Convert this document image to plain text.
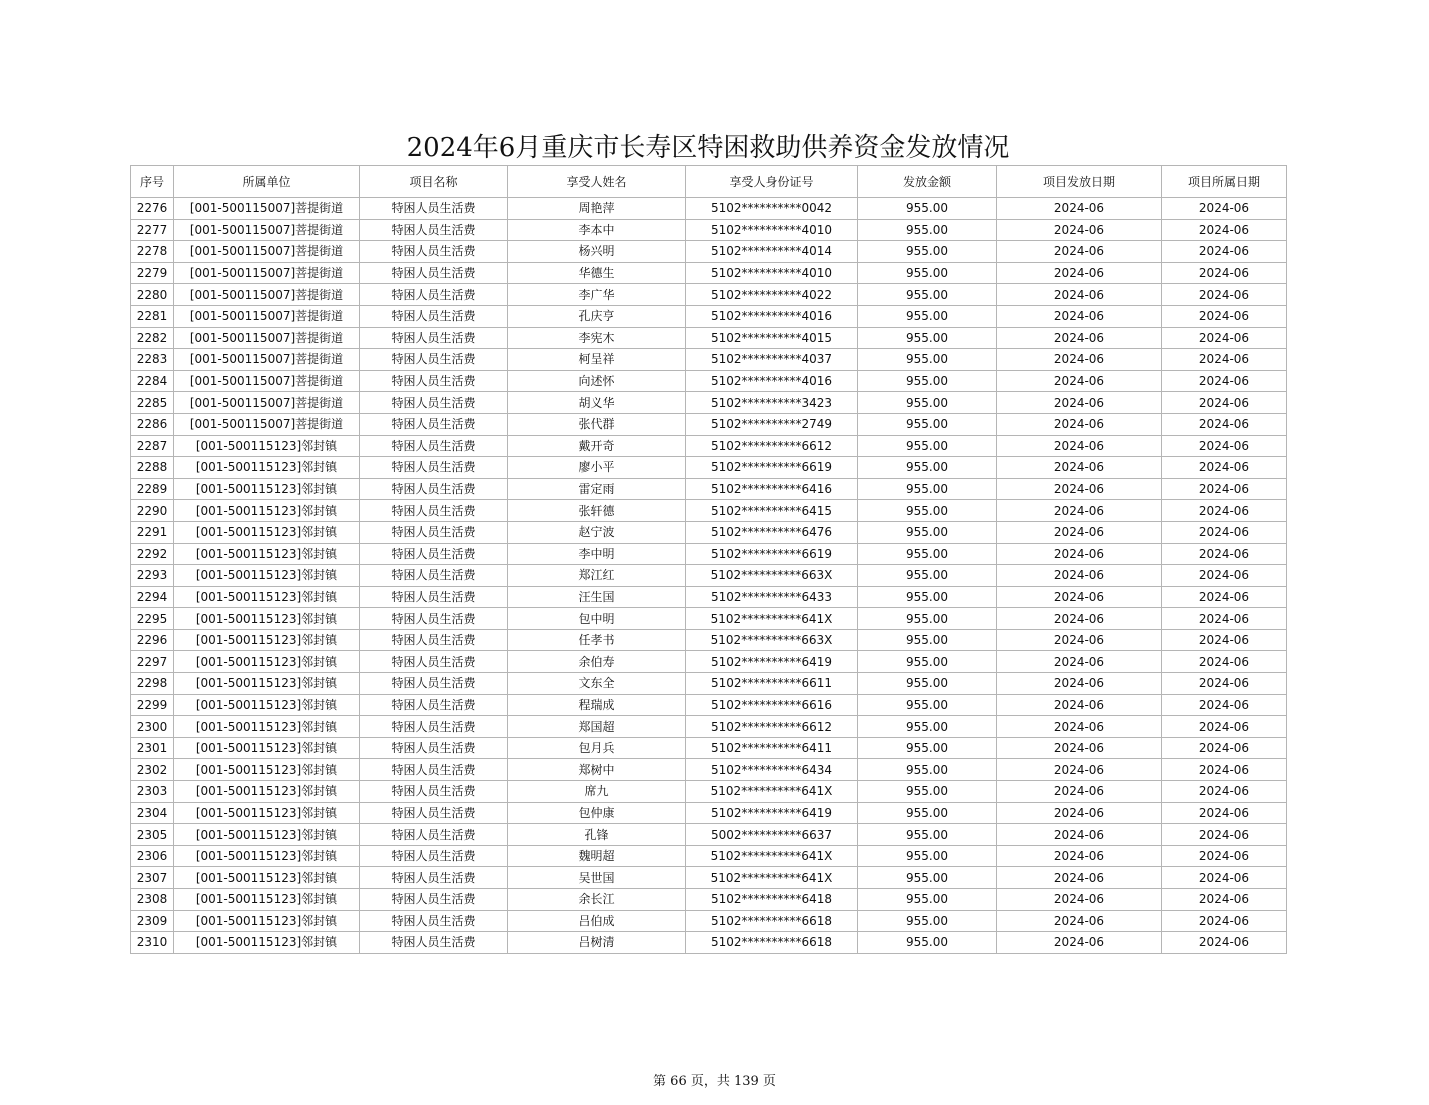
2024年6月重庆市长寿区特困救助供养资金发放情况
序号	所属单位	项目名称	享受人姓名	享受人身份证号	发放金额	项目发放日期	项目所属日期
2276	[001-500115007]菩提街道	特困人员生活费	周艳萍	5102**********0042	955.00	2024-06	2024-06
2277	[001-500115007]菩提街道	特困人员生活费	李本中	5102**********4010	955.00	2024-06	2024-06
2278	[001-500115007]菩提街道	特困人员生活费	杨兴明	5102**********4014	955.00	2024-06	2024-06
2279	[001-500115007]菩提街道	特困人员生活费	华德生	5102**********4010	955.00	2024-06	2024-06
2280	[001-500115007]菩提街道	特困人员生活费	李广华	5102**********4022	955.00	2024-06	2024-06
2281	[001-500115007]菩提街道	特困人员生活费	孔庆亨	5102**********4016	955.00	2024-06	2024-06
2282	[001-500115007]菩提街道	特困人员生活费	李宪木	5102**********4015	955.00	2024-06	2024-06
2283	[001-500115007]菩提街道	特困人员生活费	柯呈祥	5102**********4037	955.00	2024-06	2024-06
2284	[001-500115007]菩提街道	特困人员生活费	向述怀	5102**********4016	955.00	2024-06	2024-06
2285	[001-500115007]菩提街道	特困人员生活费	胡义华	5102**********3423	955.00	2024-06	2024-06
2286	[001-500115007]菩提街道	特困人员生活费	张代群	5102**********2749	955.00	2024-06	2024-06
2287	[001-500115123]邻封镇	特困人员生活费	戴开奇	5102**********6612	955.00	2024-06	2024-06
2288	[001-500115123]邻封镇	特困人员生活费	廖小平	5102**********6619	955.00	2024-06	2024-06
2289	[001-500115123]邻封镇	特困人员生活费	雷定雨	5102**********6416	955.00	2024-06	2024-06
2290	[001-500115123]邻封镇	特困人员生活费	张轩德	5102**********6415	955.00	2024-06	2024-06
2291	[001-500115123]邻封镇	特困人员生活费	赵宁波	5102**********6476	955.00	2024-06	2024-06
2292	[001-500115123]邻封镇	特困人员生活费	李中明	5102**********6619	955.00	2024-06	2024-06
2293	[001-500115123]邻封镇	特困人员生活费	郑江红	5102**********663X	955.00	2024-06	2024-06
2294	[001-500115123]邻封镇	特困人员生活费	汪生国	5102**********6433	955.00	2024-06	2024-06
2295	[001-500115123]邻封镇	特困人员生活费	包中明	5102**********641X	955.00	2024-06	2024-06
2296	[001-500115123]邻封镇	特困人员生活费	任孝书	5102**********663X	955.00	2024-06	2024-06
2297	[001-500115123]邻封镇	特困人员生活费	余伯寿	5102**********6419	955.00	2024-06	2024-06
2298	[001-500115123]邻封镇	特困人员生活费	文东全	5102**********6611	955.00	2024-06	2024-06
2299	[001-500115123]邻封镇	特困人员生活费	程瑞成	5102**********6616	955.00	2024-06	2024-06
2300	[001-500115123]邻封镇	特困人员生活费	郑国超	5102**********6612	955.00	2024-06	2024-06
2301	[001-500115123]邻封镇	特困人员生活费	包月兵	5102**********6411	955.00	2024-06	2024-06
2302	[001-500115123]邻封镇	特困人员生活费	郑树中	5102**********6434	955.00	2024-06	2024-06
2303	[001-500115123]邻封镇	特困人员生活费	席九	5102**********641X	955.00	2024-06	2024-06
2304	[001-500115123]邻封镇	特困人员生活费	包仲康	5102**********6419	955.00	2024-06	2024-06
2305	[001-500115123]邻封镇	特困人员生活费	孔锋	5002**********6637	955.00	2024-06	2024-06
2306	[001-500115123]邻封镇	特困人员生活费	魏明超	5102**********641X	955.00	2024-06	2024-06
2307	[001-500115123]邻封镇	特困人员生活费	吴世国	5102**********641X	955.00	2024-06	2024-06
2308	[001-500115123]邻封镇	特困人员生活费	余长江	5102**********6418	955.00	2024-06	2024-06
2309	[001-500115123]邻封镇	特困人员生活费	吕伯成	5102**********6618	955.00	2024-06	2024-06
2310	[001-500115123]邻封镇	特困人员生活费	吕树清	5102**********6618	955.00	2024-06	2024-06
第 66 页，共 139 页
